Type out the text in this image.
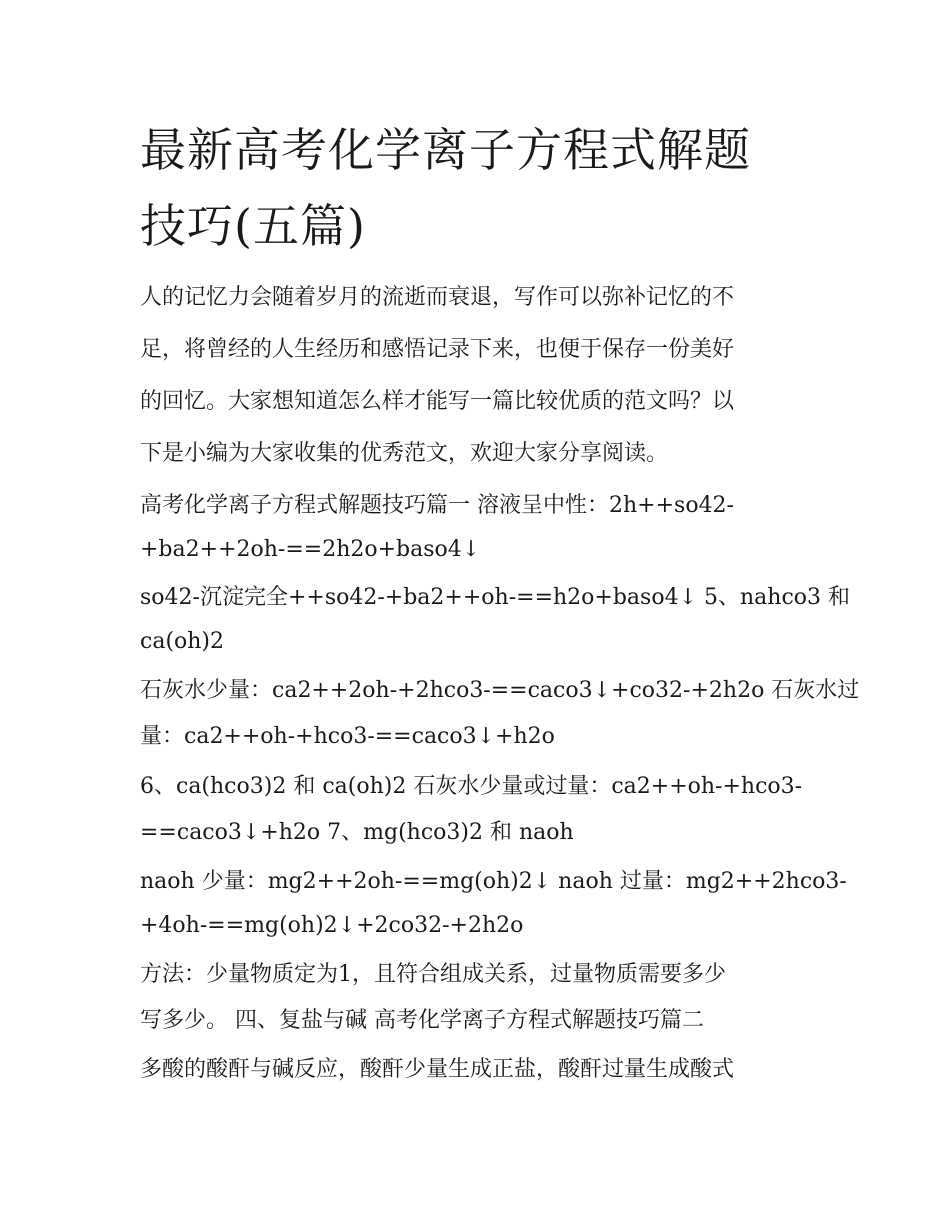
最新高考化学离子方程式解题
技巧(五篇)

人的记忆力会随着岁月的流逝而衰退，写作可以弥补记忆的不

足，将曾经的人生经历和感悟记录下来，也便于保存一份美好

的回忆。大家想知道怎么样才能写一篇比较优质的范文吗？以

下是小编为大家收集的优秀范文，欢迎大家分享阅读。

高考化学离子方程式解题技巧篇一 溶液呈中性：2h++so42-

+ba2++2oh-==2h2o+baso4↓

so42-沉淀完全++so42-+ba2++oh-==h2o+baso4↓ 5、nahco3 和

ca(oh)2

石灰水少量：ca2++2oh-+2hco3-==caco3↓+co32-+2h2o 石灰水过

量：ca2++oh-+hco3-==caco3↓+h2o

6、ca(hco3)2 和 ca(oh)2 石灰水少量或过量：ca2++oh-+hco3-

==caco3↓+h2o 7、mg(hco3)2 和 naoh

naoh 少量：mg2++2oh-==mg(oh)2↓ naoh 过量：mg2++2hco3-

+4oh-==mg(oh)2↓+2co32-+2h2o

方法：少量物质定为1，且符合组成关系，过量物质需要多少

写多少。 四、复盐与碱 高考化学离子方程式解题技巧篇二

多酸的酸酐与碱反应，酸酐少量生成正盐，酸酐过量生成酸式
